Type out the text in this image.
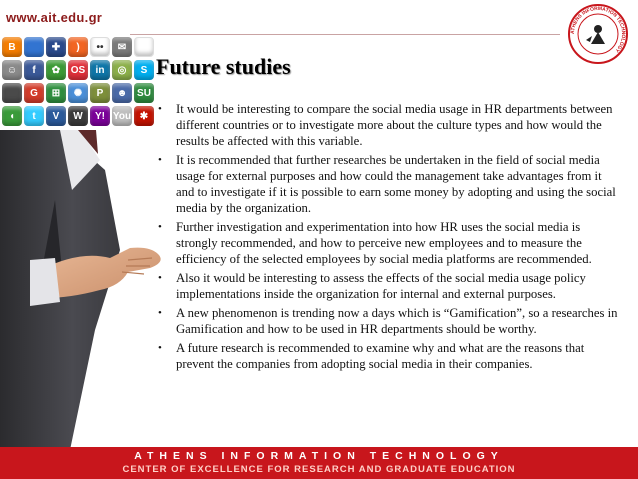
www.ait.edu.gr
ATHENS INFORMATION TECHNOLOGY
B	✚	)	••	✉
☺	f	✿	OS	in	◎	S
G	⊞	✺	P	☻ SU
◖	t	V	W	Y! You ✱
Future studies
• It would be interesting to compare the social media usage in HR departments between different countries or to investigate more about the culture types and how would the results be affected with this variable.
• It is recommended that further researches be undertaken in the field of social media usage for external purposes and how could the management take advantages from it and to investigate if it is possible to earn some money by adopting and using the social media by the organization.
• Further investigation and experimentation into how HR uses the social media is strongly recommended, and how to perceive new employees and to measure the efficiency of the selected employees by social media platforms are recommended.
• Also it would be interesting to assess the effects of the social media usage policy implementations inside the organization for internal and external purposes.
• A new phenomenon is trending now a days which is “Gamification”, so a researches in Gamification and how to be used in HR departments should be worthy.
• A future research is recommended to examine why and what are the reasons that prevent the companies from adopting social media in their companies.
ATHENS INFORMATION TECHNOLOGY
CENTER OF EXCELLENCE FOR RESEARCH AND GRADUATE EDUCATION
